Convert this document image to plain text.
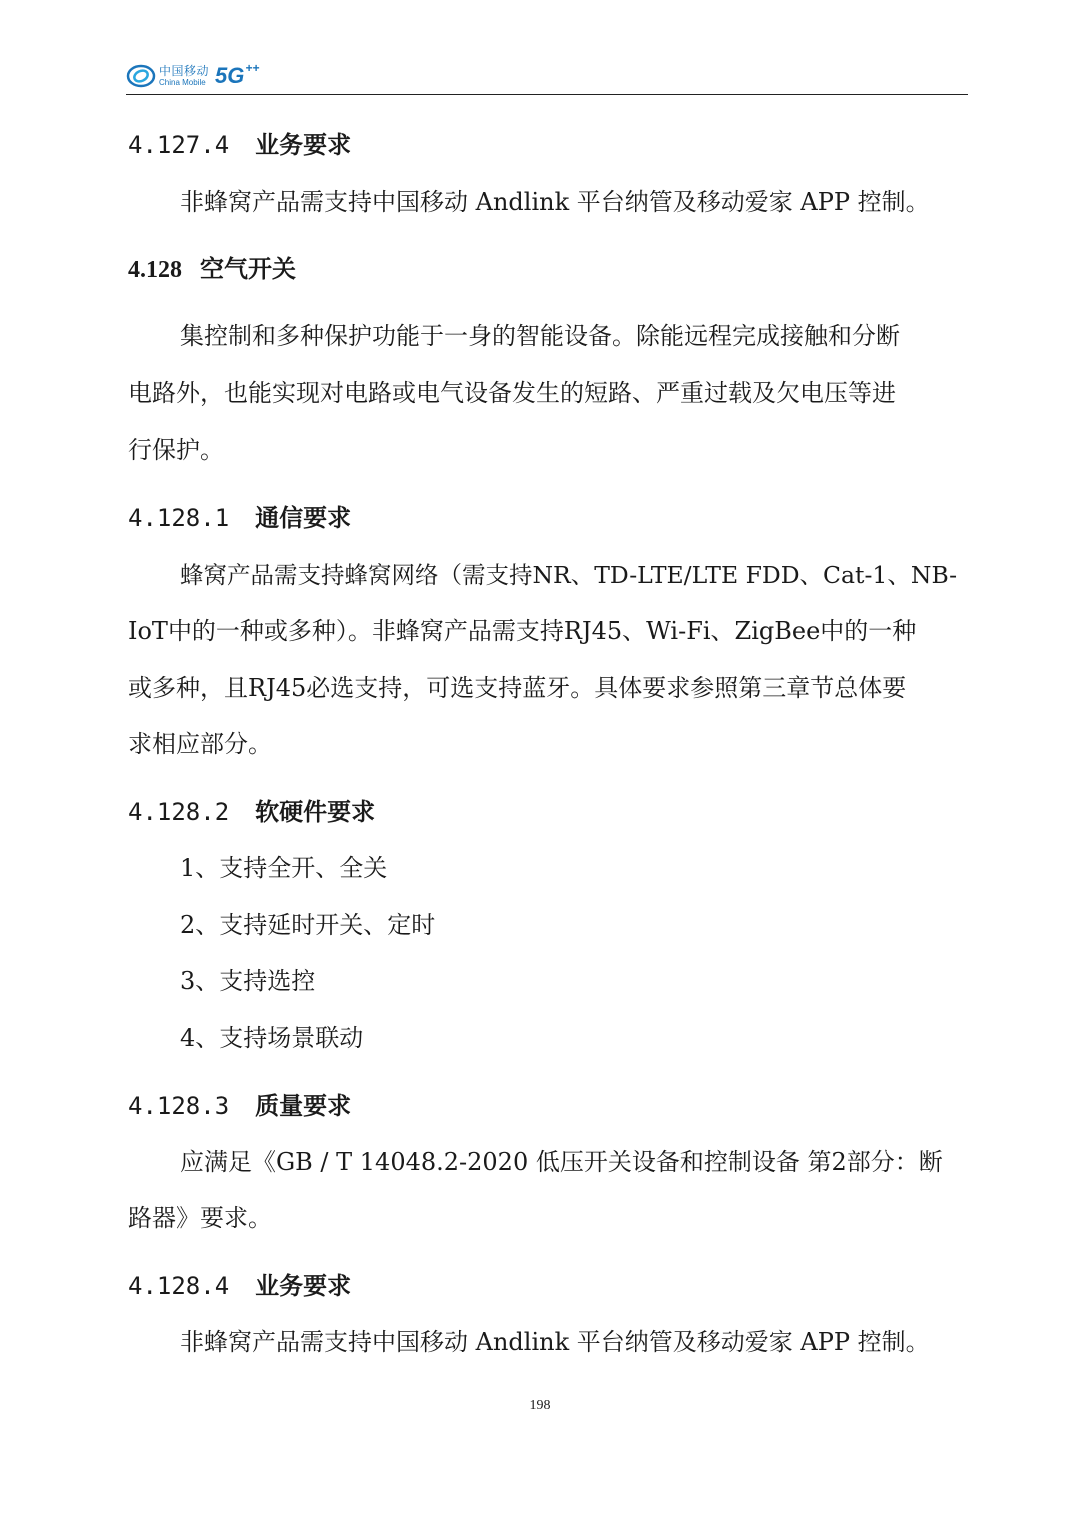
中国移动
China Mobile 5G ++
4.127.4 业务要求
非蜂窝产品需支持中国移动 Andlink 平台纳管及移动爱家 APP 控制。
4.128 空气开关
集控制和多种保护功能于一身的智能设备。除能远程完成接触和分断
电路外，也能实现对电路或电气设备发生的短路、严重过载及欠电压等进
行保护。
4.128.1 通信要求
蜂窝产品需支持蜂窝网络（需支持NR、TD-LTE/LTE FDD、Cat-1、NB-
IoT中的一种或多种）。非蜂窝产品需支持RJ45、Wi-Fi、ZigBee中的一种
或多种，且RJ45必选支持，可选支持蓝牙。具体要求参照第三章节总体要
求相应部分。
4.128.2 软硬件要求
1、支持全开、全关
2、支持延时开关、定时
3、支持选控
4、支持场景联动
4.128.3 质量要求
应满足《GB / T 14048.2-2020 低压开关设备和控制设备 第2部分：断
路器》要求。
4.128.4 业务要求
非蜂窝产品需支持中国移动 Andlink 平台纳管及移动爱家 APP 控制。
198
